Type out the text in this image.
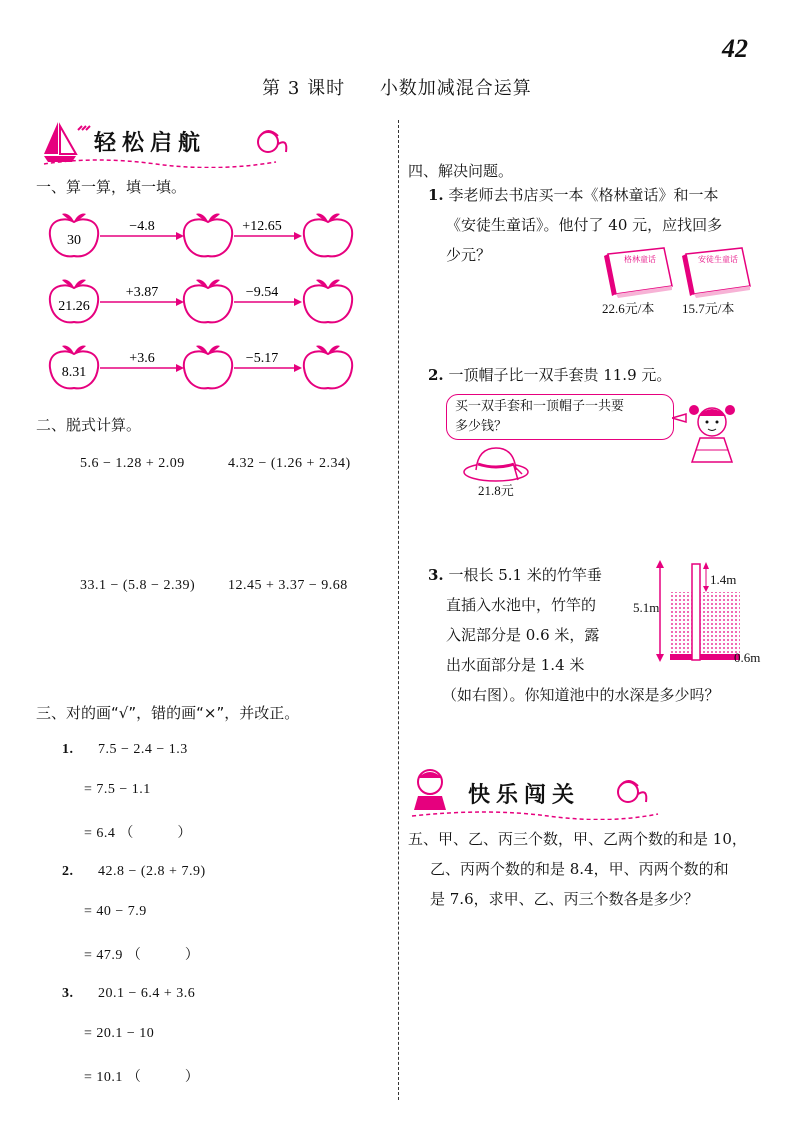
42
第 3 课时 小数加减混合运算
轻松启航
一、算一算，填一填。
30
−4.8	+12.65
21.26
+3.87	−9.54
8.31
+3.6	−5.17
二、脱式计算。
5.6 − 1.28 + 2.09	4.32 − (1.26 + 2.34)
33.1 − (5.8 − 2.39) 12.45 + 3.37 − 9.68
三、对的画“√”，错的画“×”，并改正。
1. 7.5 − 2.4 − 1.3
= 7.5 − 1.1
= 6.4 （　　　）
2. 42.8 − (2.8 + 7.9)
= 40 − 7.9
= 47.9 （　　　）
3. 20.1 − 6.4 + 3.6
= 20.1 − 10
= 10.1 （　　　）
四、解决问题。
1. 李老师去书店买一本《格林童话》和一本
《安徒生童话》。他付了 40 元，应找回多
少元？	格林童话	安徒生童话
22.6元/本 15.7元/本
2. 一顶帽子比一双手套贵 11.9 元。
买一双手套和一顶帽子一共要
多少钱？
21.8元
3. 一根长 5.1 米的竹竿垂
直插入水池中，竹竿的
入泥部分是 0.6 米，露
出水面部分是 1.4 米
（如右图）。你知道池中的水深是多少吗？
5.1m
1.4m
0.6m
快乐闯关
五、甲、乙、丙三个数，甲、乙两个数的和是 10，
乙、丙两个数的和是 8.4，甲、丙两个数的和
是 7.6，求甲、乙、丙三个数各是多少？
